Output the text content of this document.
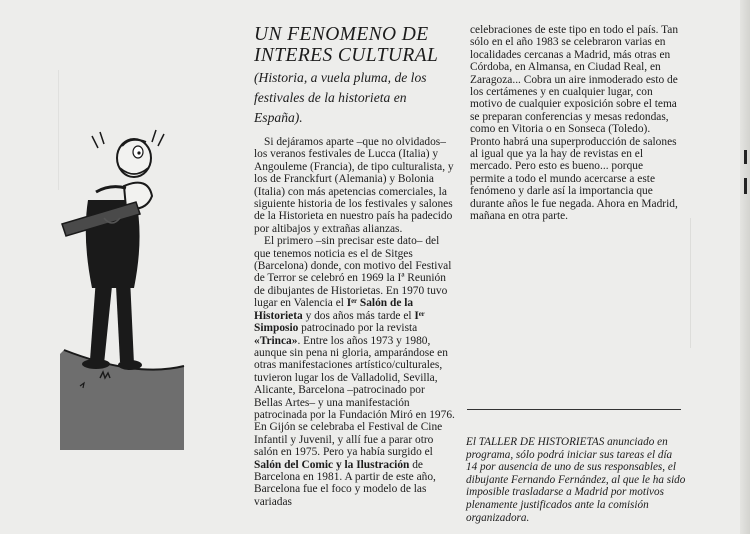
UN FENOMENO DE
INTERES CULTURAL
(Historia, a vuela pluma, de los festivales de la historieta en España).

Si dejáramos aparte –que no olvidados– los veranos festivales de Lucca (Italia) y Angouleme (Francia), de tipo culturalista, y los de Franckfurt (Alemania) y Bolonia (Italia) con más apetencias comerciales, la siguiente historia de los festivales y salones de la Historieta en nuestro país ha padecido por altibajos y extrañas alianzas.

El primero –sin precisar este dato– del que tenemos noticia es el de Sitges (Barcelona) donde, con motivo del Festival de Terror se celebró en 1969 la Iª Reunión de dibujantes de Historietas. En 1970 tuvo lugar en Valencia el Iᵉʳ Salón de la Historieta y dos años más tarde el Iᵉʳ Simposio patrocinado por la revista «Trinca». Entre los años 1973 y 1980, aunque sin pena ni gloria, amparándose en otras manifestaciones artístico/culturales, tuvieron lugar los de Valladolid, Sevilla, Alicante, Barcelona –patrocinado por Bellas Artes– y una manifestación patrocinada por la Fundación Miró en 1976. En Gijón se celebraba el Festival de Cine Infantil y Juvenil, y allí fue a parar otro salón en 1975. Pero ya había surgido el Salón del Comic y la Ilustración de Barcelona en 1981. A partir de este año, Barcelona fue el foco y modelo de las variadas

celebraciones de este tipo en todo el país. Tan sólo en el año 1983 se celebraron varias en localidades cercanas a Madrid, más otras en Córdoba, en Almansa, en Ciudad Real, en Zaragoza... Cobra un aire inmoderado esto de los certámenes y en cualquier lugar, con motivo de cualquier exposición sobre el tema se preparan conferencias y mesas redondas, como en Vitoria o en Sonseca (Toledo). Pronto habrá una superproducción de salones al igual que ya la hay de revistas en el mercado. Pero esto es bueno... porque permite a todo el mundo acercarse a este fenómeno y darle así la importancia que durante años le fue negada. Ahora en Madrid, mañana en otra parte.

El TALLER DE HISTORIETAS anunciado en programa, sólo podrá iniciar sus tareas el día 14 por ausencia de uno de sus responsables, el dibujante Fernando Fernández, al que le ha sido imposible trasladarse a Madrid por motivos plenamente justificados ante la comisión organizadora.
